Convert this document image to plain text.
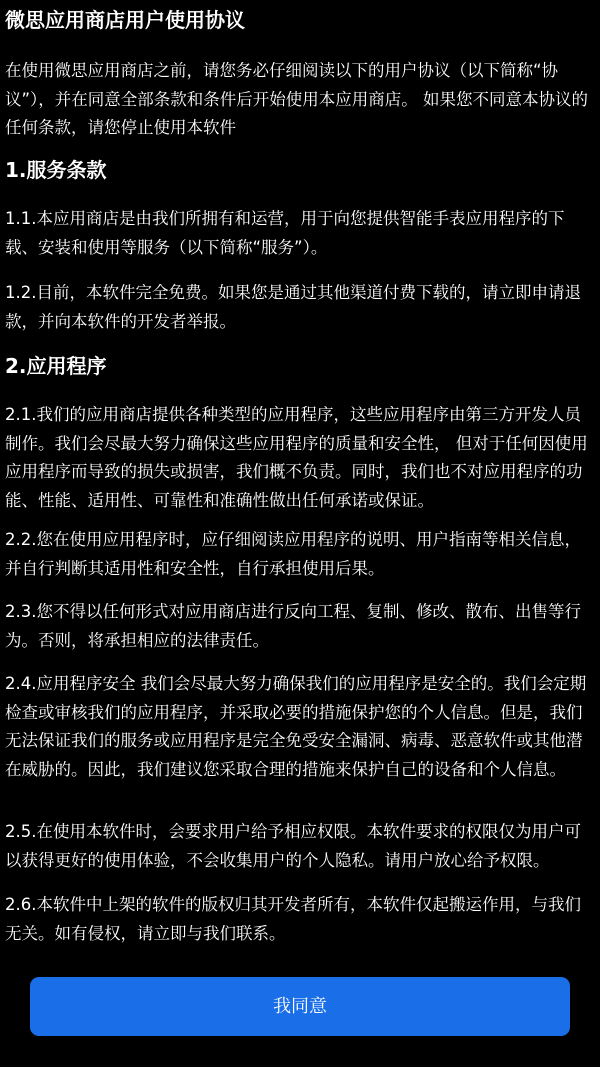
微思应用商店用户使用协议

在使用微思应用商店之前，请您务必仔细阅读以下的用户协议（以下简称“协议”），并在同意全部条款和条件后开始使用本应用商店。 如果您不同意本协议的任何条款，请您停止使用本软件

1.服务条款

1.1.本应用商店是由我们所拥有和运营，用于向您提供智能手表应用程序的下载、安装和使用等服务（以下简称“服务”）。

1.2.目前，本软件完全免费。如果您是通过其他渠道付费下载的，请立即申请退款，并向本软件的开发者举报。

2.应用程序

2.1.我们的应用商店提供各种类型的应用程序，这些应用程序由第三方开发人员制作。我们会尽最大努力确保这些应用程序的质量和安全性， 但对于任何因使用应用程序而导致的损失或损害，我们概不负责。同时，我们也不对应用程序的功能、性能、适用性、可靠性和准确性做出任何承诺或保证。

2.2.您在使用应用程序时，应仔细阅读应用程序的说明、用户指南等相关信息，并自行判断其适用性和安全性，自行承担使用后果。

2.3.您不得以任何形式对应用商店进行反向工程、复制、修改、散布、出售等行为。否则，将承担相应的法律责任。

2.4.应用程序安全 我们会尽最大努力确保我们的应用程序是安全的。我们会定期检查或审核我们的应用程序，并采取必要的措施保护您的个人信息。但是，我们无法保证我们的服务或应用程序是完全免受安全漏洞、病毒、恶意软件或其他潜在威胁的。因此，我们建议您采取合理的措施来保护自己的设备和个人信息。

2.5.在使用本软件时，会要求用户给予相应权限。本软件要求的权限仅为用户可以获得更好的使用体验，不会收集用户的个人隐私。请用户放心给予权限。

2.6.本软件中上架的软件的版权归其开发者所有，本软件仅起搬运作用，与我们无关。如有侵权，请立即与我们联系。

我同意
